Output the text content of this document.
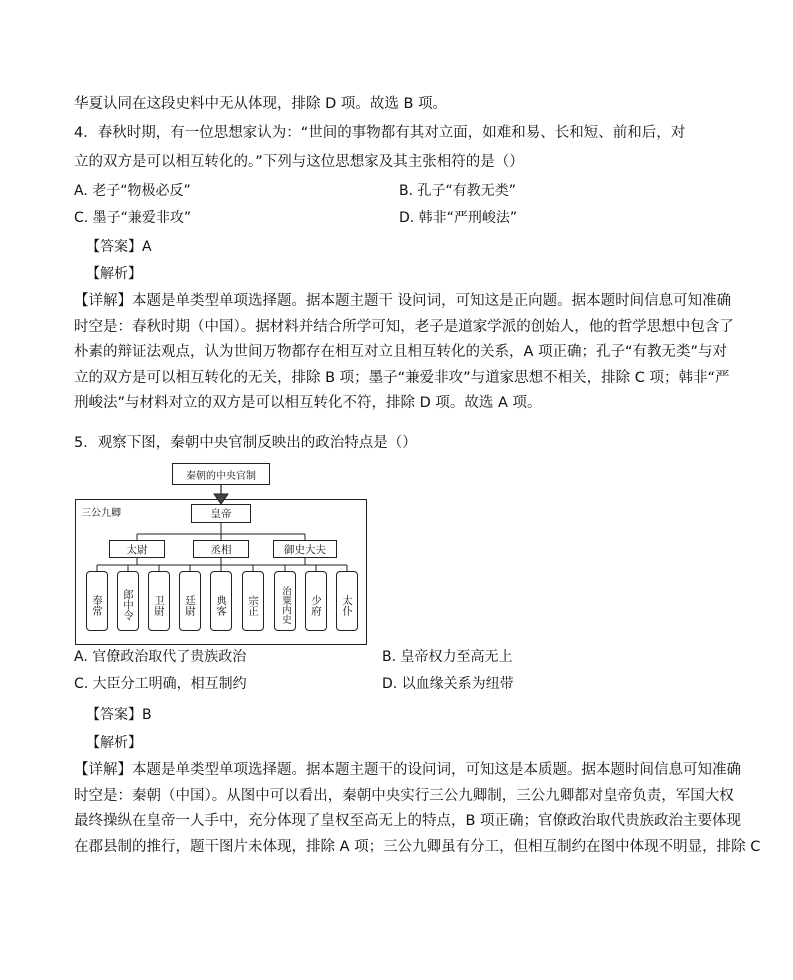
华夏认同在这段史料中无从体现，排除 D 项。故选 B 项。
4．春秋时期，有一位思想家认为：“世间的事物都有其对立面，如难和易、长和短、前和后，对
立的双方是可以相互转化的。”下列与这位思想家及其主张相符的是（）
A. 老子“物极必反”	B. 孔子“有教无类”
C. 墨子“兼爱非攻”	D. 韩非“严刑峻法”
【答案】A
【解析】
【详解】本题是单类型单项选择题。据本题主题干 设问词，可知这是正向题。据本题时间信息可知准确
时空是：春秋时期（中国）。据材料并结合所学可知，老子是道家学派的创始人，他的哲学思想中包含了
朴素的辩证法观点，认为世间万物都存在相互对立且相互转化的关系，A 项正确；孔子“有教无类”与对
立的双方是可以相互转化的无关，排除 B 项；墨子“兼爱非攻”与道家思想不相关，排除 C 项；韩非“严
刑峻法”与材料对立的双方是可以相互转化不符，排除 D 项。故选 A 项。
5．观察下图，秦朝中央官制反映出的政治特点是（）
秦朝的中央官制
三公九卿	皇帝
太尉	丞相	御史大夫
奉常	郎中令	卫尉	廷尉	典客	宗正	治粟内史	少府	太仆
A. 官僚政治取代了贵族政治	B. 皇帝权力至高无上
C. 大臣分工明确，相互制约	D. 以血缘关系为纽带
【答案】B
【解析】
【详解】本题是单类型单项选择题。据本题主题干的设问词，可知这是本质题。据本题时间信息可知准确
时空是：秦朝（中国）。从图中可以看出，秦朝中央实行三公九卿制，三公九卿都对皇帝负责，军国大权
最终操纵在皇帝一人手中，充分体现了皇权至高无上的特点，B 项正确；官僚政治取代贵族政治主要体现
在郡县制的推行，题干图片未体现，排除 A 项；三公九卿虽有分工，但相互制约在图中体现不明显，排除 C
